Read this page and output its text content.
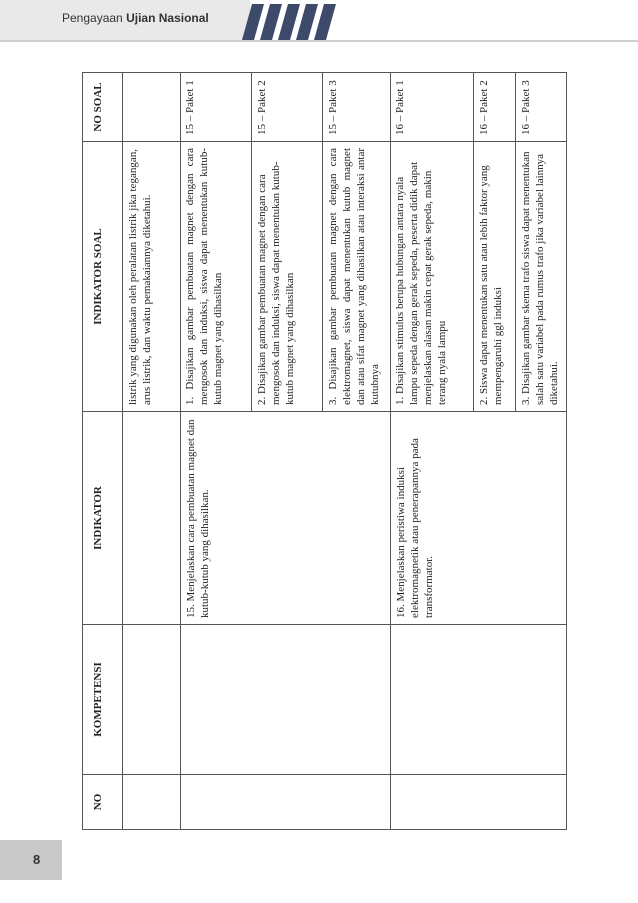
Pengayaan Ujian Nasional
NO
KOMPETENSI
INDIKATOR
INDIKATOR SOAL
NO SOAL
listrik yang digunakan oleh peralatan listrik jika tegangan, arus listrik, dan waktu pemakaiannya diketahui.
15. Menjelaskan cara pembuatan magnet dan kutub-kutub yang dihasilkan.
1. Disajikan gambar pembuatan magnet dengan cara mengosok dan induksi, siswa dapat menentukan kutub-kutub magnet yang dihasilkan
15 – Paket 1
2. Disajikan gambar pembuatan magnet dengan cara mengosok dan induksi, siswa dapat menentukan kutub-kutub magnet yang dihasilkan
15 – Paket 2
3. Disajikan gambar pembuatan magnet dengan cara elektromagnet, siswa dapat menentukan kutub magnet dan atau sifat magnet yang dihasilkan atau interaksi antar kutubnya
15 – Paket 3
16. Menjelaskan peristiwa induksi elektromagnetik atau penerapannya pada transformator.
1. Disajikan stimulus berupa hubungan antara nyala lampu sepeda dengan gerak sepeda, peserta didik dapat menjelaskan alasan makin cepat gerak sepeda, makin terang nyala lampu
16 – Paket 1
2. Siswa dapat menentukan satu atau lebih faktor yang mempengaruhi ggl induksi
16 – Paket 2
3. Disajikan gambar skema trafo siswa dapat menentukan salah satu variabel pada rumus trafo jika variabel lainnya diketahui.
16 – Paket 3
8
